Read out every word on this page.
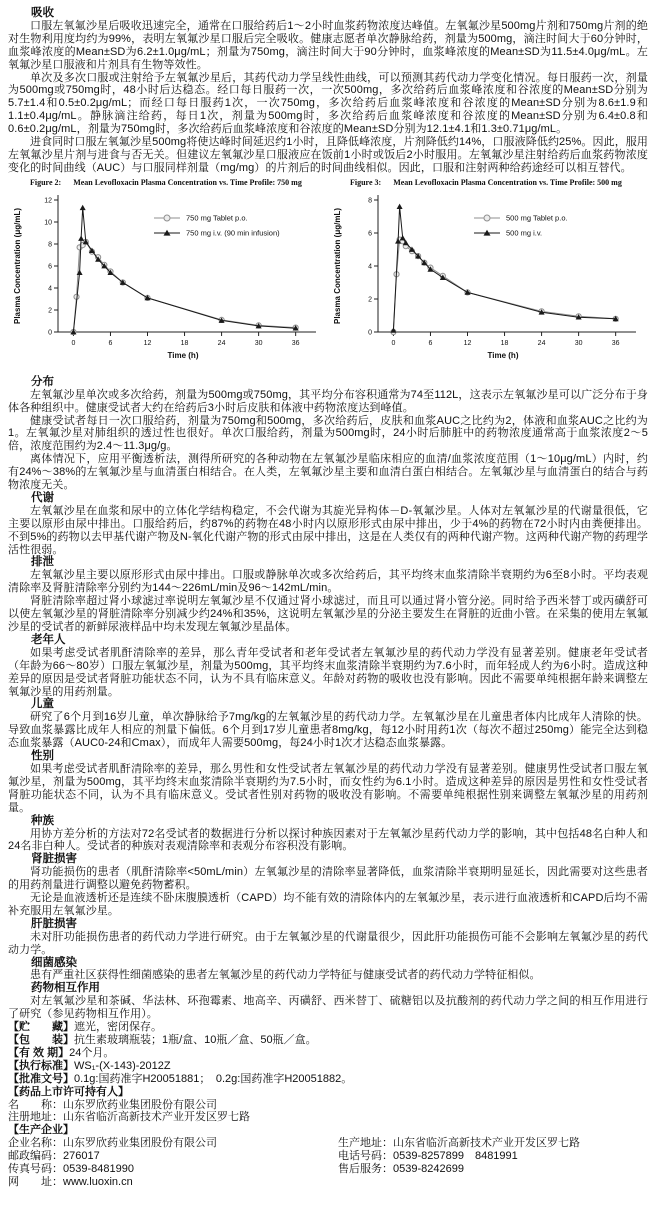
吸收
口服左氧氟沙星后吸收迅速完全，通常在口服给药后1～2小时血浆药物浓度达峰值。左氧氟沙星500mg片剂和750mg片剂的绝对生物利用度均约为99%，表明左氧氟沙星口服后完全吸收。健康志愿者单次静脉给药，剂量为500mg，滴注时间大于60分钟时，血浆峰浓度的Mean±SD为6.2±1.0μg/mL；剂量为750mg，滴注时间大于90分钟时，血浆峰浓度的Mean±SD为11.5±4.0μg/mL。左氧氟沙星口服液和片剂具有生物等效性。
单次及多次口服或注射给予左氧氟沙星后，其药代动力学呈线性曲线，可以预测其药代动力学变化情况。每日服药一次，剂量为500mg或750mg时，48小时后达稳态。经口每日服药一次，一次500mg，多次给药后血浆峰浓度和谷浓度的Mean±SD分别为5.7±1.4和0.5±0.2μg/mL；而经口每日服药1次，一次750mg，多次给药后血浆峰浓度和谷浓度的Mean±SD分别为8.6±1.9和1.1±0.4μg/mL。静脉滴注给药，每日1次，剂量为500mg时，多次给药后血浆峰浓度和谷浓度的Mean±SD分别为6.4±0.8和0.6±0.2μg/mL，剂量为750mg时，多次给药后血浆峰浓度和谷浓度的Mean±SD分别为12.1±4.1和1.3±0.71μg/mL。
进食同时口服左氧氟沙星500mg将使达峰时间延迟约1小时，且降低峰浓度，片剂降低约14%，口服液降低约25%。因此，服用左氧氟沙星片剂与进食与否无关。但建议左氧氟沙星口服液应在饭前1小时或饭后2小时服用。左氧氟沙星注射给药后血浆药物浓度变化的时间曲线（AUC）与口服同样剂量（mg/mg）的片剂后的时间曲线相似。因此，口服和注射两种给药途经可以相互替代。
Figure 2: Mean Levofloxacin Plasma Concentration vs. Time Profile: 750 mg
0
2
4
6
8
10
12
0	6	12	18	24	30	36
Time (h)
Plasma Concentration (μg/mL)	750 mg Tablet p.o.
750 mg i.v. (90 min infusion)
Figure 3: Mean Levofloxacin Plasma Concentration vs. Time Profile: 500 mg
0
2
4
6
8
0	6	12	18	24	30	36
Time (h)
Plasma Concentration (μg/mL)	500 mg Tablet p.o.
500 mg i.v.
分布
左氧氟沙星单次或多次给药，剂量为500mg或750mg，其平均分布容积通常为74至112L，这表示左氧氟沙星可以广泛分布于身体各种组织中。健康受试者大约在给药后3小时后皮肤和体液中药物浓度达到峰值。
健康受试者每日一次口服给药，剂量为750mg和500mg，多次给药后，皮肤和血浆AUC之比约为2，体液和血浆AUC之比约为1。左氧氟沙星对肺组织的透过性也很好。单次口服给药，剂量为500mg时，24小时后肺脏中的药物浓度通常高于血浆浓度2～5倍，浓度范围约为2.4～11.3μg/g。
离体情况下，应用平衡透析法，测得所研究的各种动物在左氧氟沙星临床相应的血清/血浆浓度范围（1～10μg/mL）内时，约有24%～38%的左氧氟沙星与血清蛋白相结合。在人类，左氧氟沙星主要和血清白蛋白相结合。左氧氟沙星与血清蛋白的结合与药物浓度无关。
代谢
左氧氟沙星在血浆和尿中的立体化学结构稳定，不会代谢为其旋光异构体－D-氧氟沙星。人体对左氧氟沙星的代谢量很低，它主要以原形由尿中排出。口服给药后，约87%的药物在48小时内以原形形式由尿中排出，少于4%的药物在72小时内由粪便排出。不到5%的药物以去甲基代谢产物及N-氧化代谢产物的形式由尿中排出，这是在人类仅有的两种代谢产物。这两种代谢产物的药理学活性很弱。
排泄
左氧氟沙星主要以原形形式由尿中排出。口服或静脉单次或多次给药后，其平均终末血浆清除半衰期约为6至8小时。平均表观清除率及肾脏清除率分别约为144～226mL/min及96～142mL/min。
肾脏清除率超过肾小球滤过率说明左氧氟沙星不仅通过肾小球滤过，而且可以通过肾小管分泌。同时给予西米替丁或丙磺舒可以使左氧氟沙星的肾脏清除率分别减少约24%和35%，这说明左氧氟沙星的分泌主要发生在肾脏的近曲小管。在采集的使用左氧氟沙星的受试者的新鲜尿液样品中均未发现左氧氟沙星晶体。
老年人
如果考虑受试者肌酐清除率的差异，那么青年受试者和老年受试者左氧氟沙星的药代动力学没有显著差别。健康老年受试者（年龄为66～80岁）口服左氧氟沙星，剂量为500mg，其平均终末血浆清除半衰期约为7.6小时，而年轻成人约为6小时。造成这种差异的原因是受试者肾脏功能状态不同，认为不具有临床意义。年龄对药物的吸收也没有影响。因此不需要单纯根据年龄来调整左氧氟沙星的用药剂量。
儿童
研究了6个月到16岁儿童，单次静脉给予7mg/kg的左氧氟沙星的药代动力学。左氧氟沙星在儿童患者体内比成年人清除的快。导致血浆暴露比成年人相应的剂量下偏低。6个月到17岁儿童患者8mg/kg，每12小时用药1次（每次不超过250mg）能完全达到稳态血浆暴露（AUC0-24和Cmax），而成年人需要500mg，每24小时1次才达稳态血浆暴露。
性别
如果考虑受试者肌酐清除率的差异，那么男性和女性受试者左氧氟沙星的药代动力学没有显著差别。健康男性受试者口服左氧氟沙星，剂量为500mg，其平均终末血浆清除半衰期约为7.5小时，而女性约为6.1小时。造成这种差异的原因是男性和女性受试者肾脏功能状态不同，认为不具有临床意义。受试者性别对药物的吸收没有影响。不需要单纯根据性别来调整左氧氟沙星的用药剂量。
种族
用协方差分析的方法对72名受试者的数据进行分析以探讨种族因素对于左氧氟沙星药代动力学的影响，其中包括48名白种人和24名非白种人。受试者的种族对表观清除率和表观分布容积没有影响。
肾脏损害
肾功能损伤的患者（肌酐清除率<50mL/min）左氧氟沙星的清除率显著降低，血浆清除半衰期明显延长，因此需要对这些患者的用药剂量进行调整以避免药物蓄积。
无论是血液透析还是连续不卧床腹膜透析（CAPD）均不能有效的清除体内的左氧氟沙星，表示进行血液透析和CAPD后均不需补充服用左氧氟沙星。
肝脏损害
未对肝功能损伤患者的药代动力学进行研究。由于左氧氟沙星的代谢量很少，因此肝功能损伤可能不会影响左氧氟沙星的药代动力学。
细菌感染
患有严重社区获得性细菌感染的患者左氧氟沙星的药代动力学特征与健康受试者的药代动力学特征相似。
药物相互作用
对左氧氟沙星和茶碱、华法林、环孢霉素、地高辛、丙磺舒、西米替丁、硫糖铝以及抗酸剂的药代动力学之间的相互作用进行了研究（参见药物相互作用）。
【贮　　藏】遮光，密闭保存。
【包　　装】抗生素玻璃瓶装；1瓶/盒、10瓶／盒、50瓶／盒。
【有 效 期】24个月。
【执行标准】WS₁-(X-143)-2012Z
【批准文号】0.1g:国药准字H20051881；　0.2g:国药准字H20051882。
【药品上市许可持有人】
名　　称：山东罗欣药业集团股份有限公司
注册地址：山东省临沂高新技术产业开发区罗七路
【生产企业】
企业名称：山东罗欣药业集团股份有限公司	生产地址：山东省临沂高新技术产业开发区罗七路
邮政编码：276017	电话号码：0539-8257899　8481991
传真号码：0539-8481990	售后服务：0539-8242699
网　　址：www.luoxin.cn
